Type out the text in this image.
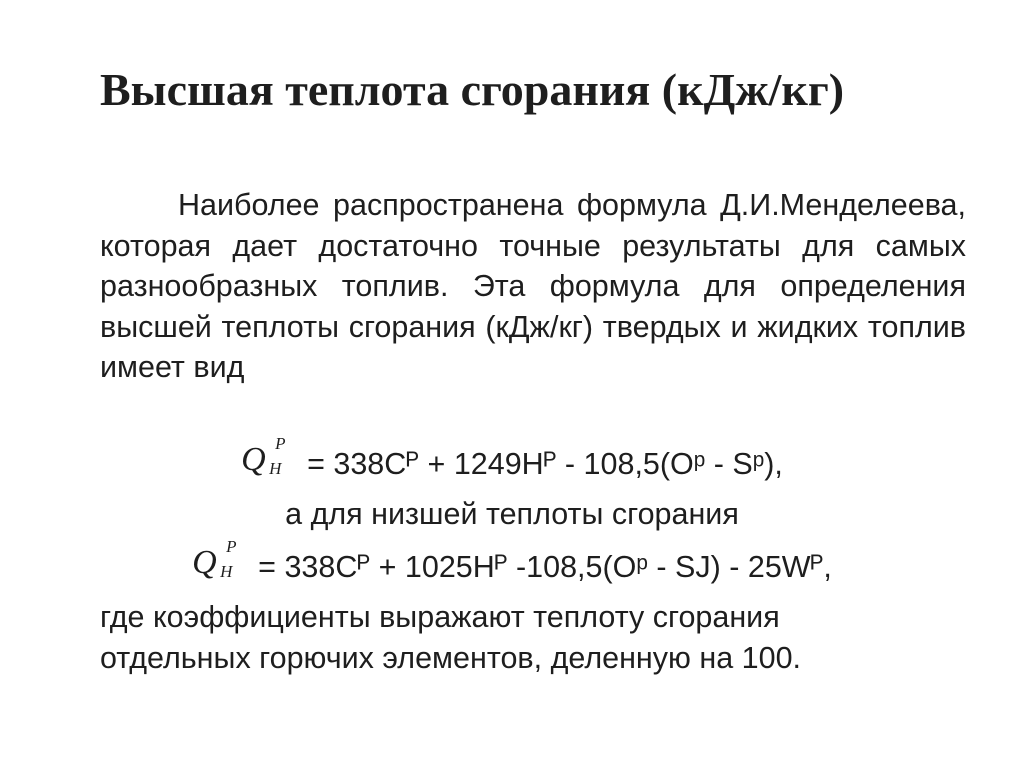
Высшая теплота сгорания (кДж/кг)

Наиболее распространена формула Д.И.Менделеева, которая дает достаточно точные результаты для самых разнообразных топлив. Эта формула для определения высшей теплоты сгорания (кДж/кг) твердых и жидких топлив имеет вид

Q P
H = 338Cᴾ + 1249Hᴾ - 108,5(Oᵖ - Sᵖ),
а для низшей теплоты сгорания
Q P
H = 338Cᴾ + 1025Hᴾ -108,5(Oᵖ - SJ) - 25Wᴾ,
где коэффициенты выражают теплоту сгорания
отдельных горючих элементов, деленную на 100.
